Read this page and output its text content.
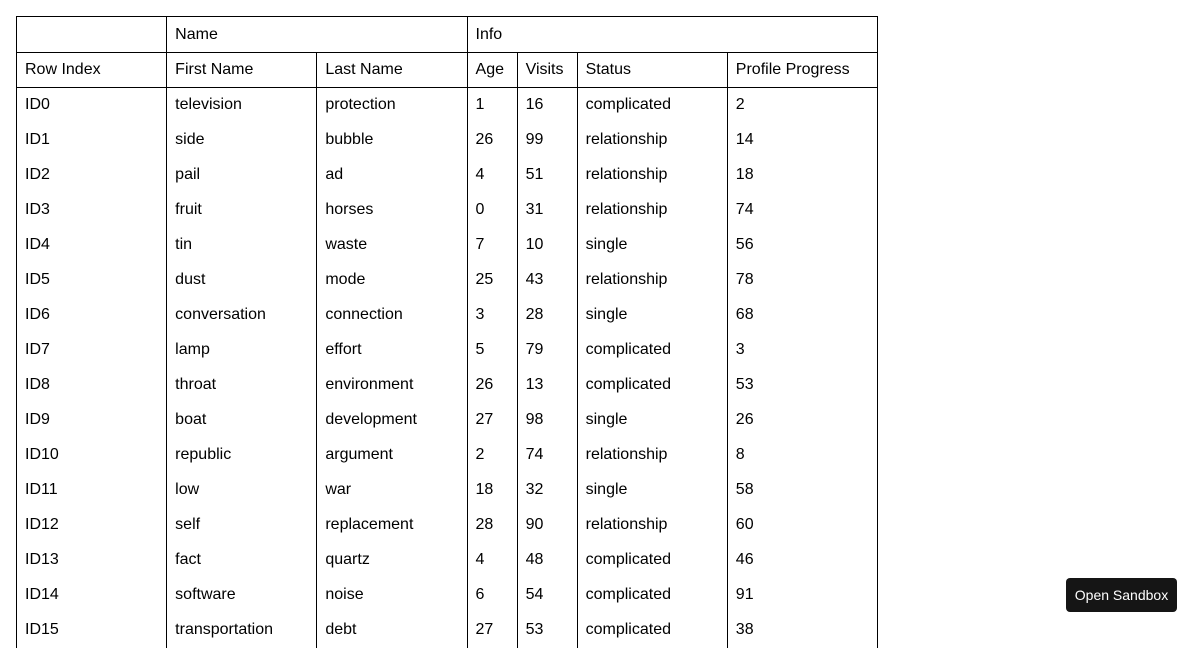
	Name		Info			
Row Index	First Name	Last Name	Age	Visits	Status	Profile Progress
ID0	television	protection	1	16	complicated	2
ID1	side	bubble	26	99	relationship	14
ID2	pail	ad	4	51	relationship	18
ID3	fruit	horses	0	31	relationship	74
ID4	tin	waste	7	10	single	56
ID5	dust	mode	25	43	relationship	78
ID6	conversation	connection	3	28	single	68
ID7	lamp	effort	5	79	complicated	3
ID8	throat	environment	26	13	complicated	53
ID9	boat	development	27	98	single	26
ID10	republic	argument	2	74	relationship	8
ID11	low	war	18	32	single	58
ID12	self	replacement	28	90	relationship	60
ID13	fact	quartz	4	48	complicated	46
ID14	software	noise	6	54	complicated	91
ID15	transportation	debt	27	53	complicated	38
Open Sandbox
